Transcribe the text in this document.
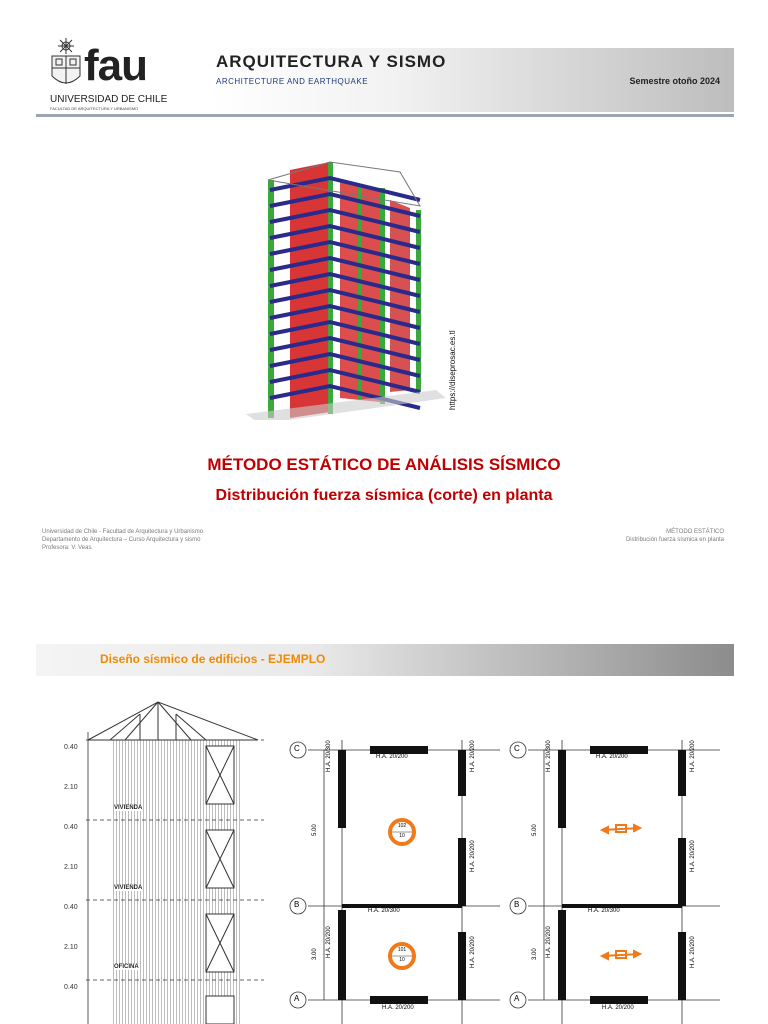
fau
UNIVERSIDAD DE CHILE
FACULTAD DE ARQUITECTURA Y URBANISMO
ARQUITECTURA Y SISMO
ARCHITECTURE AND EARTHQUAKE	Semestre otoño 2024
https://diseprosac.es.tl
MÉTODO ESTÁTICO DE ANÁLISIS SÍSMICO
Distribución fuerza sísmica (corte) en planta
Universidad de Chile - Facultad de Arquitectura y Urbanismo
Departamento de Arquitectura – Curso Arquitectura y sismo
Profesora: V. Veas
MÉTODO ESTÁTICO
Distribución fuerza sísmica en planta
Diseño sísmico de edificios - EJEMPLO
0.40
2.10
0.40
2.10
0.40
2.10
0.40
VIVIENDA
VIVIENDA
OFICINA
C
B
A
H.A. 20/200
H.A. 20/300
H.A. 20/200
H.A. 20/300
H.A. 20/200
H.A. 20/200
H.A. 20/200
H.A. 20/200
5.00
3.00
102
10
101
10
C
B
A
H.A. 20/200
H.A. 20/300
H.A. 20/200
H.A. 20/300
H.A. 20/200
H.A. 20/200
H.A. 20/200
H.A. 20/200
5.00
3.00
